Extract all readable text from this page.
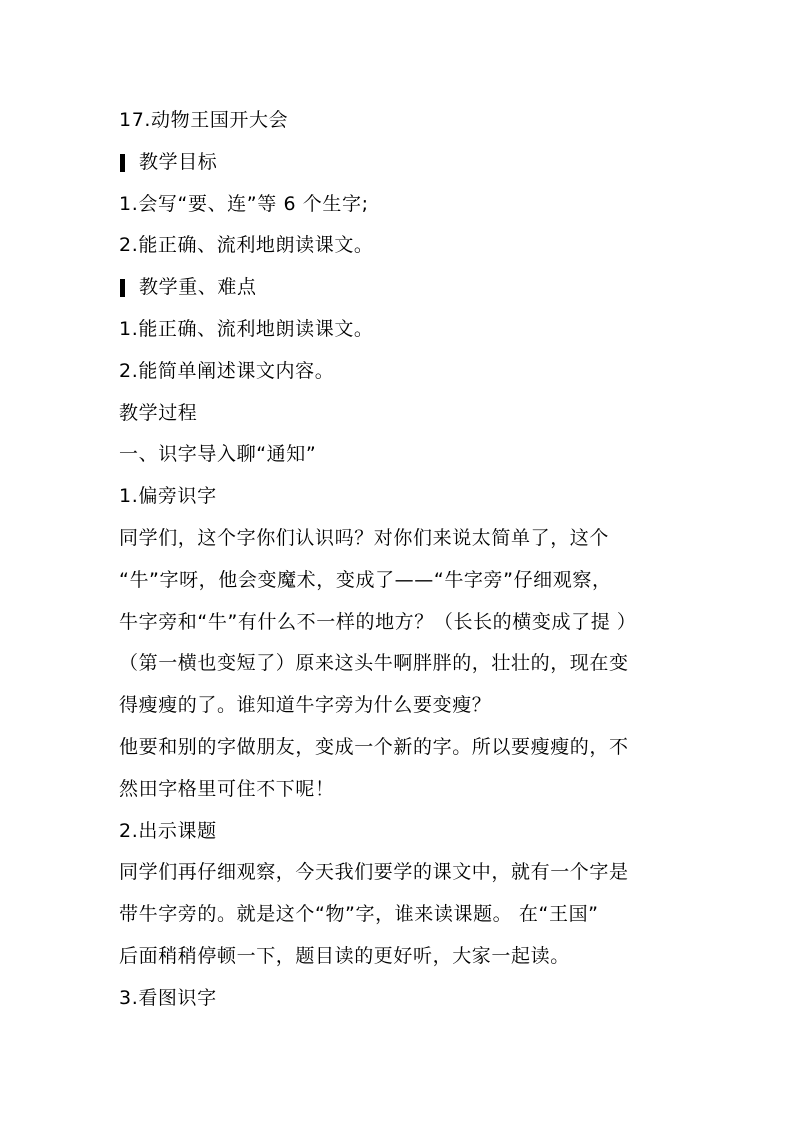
17.动物王国开大会
教学目标
1.会写“要、连”等 6 个生字;
2.能正确、流利地朗读课文。
教学重、难点
1.能正确、流利地朗读课文。
2.能简单阐述课文内容。
教学过程
一、识字导入聊“通知”
1.偏旁识字
同学们，这个字你们认识吗？对你们来说太简单了，这个
“牛”字呀，他会变魔术，变成了——“牛字旁”仔细观察，
牛字旁和“牛”有什么不一样的地方？（长长的横变成了提 ）
（第一横也变短了）原来这头牛啊胖胖的，壮壮的，现在变
得瘦瘦的了。谁知道牛字旁为什么要变瘦？
他要和别的字做朋友，变成一个新的字。所以要瘦瘦的，不
然田字格里可住不下呢！
2.出示课题
同学们再仔细观察，今天我们要学的课文中，就有一个字是
带牛字旁的。就是这个“物”字，谁来读课题。 在“王国”
后面稍稍停顿一下，题目读的更好听，大家一起读。
3.看图识字
